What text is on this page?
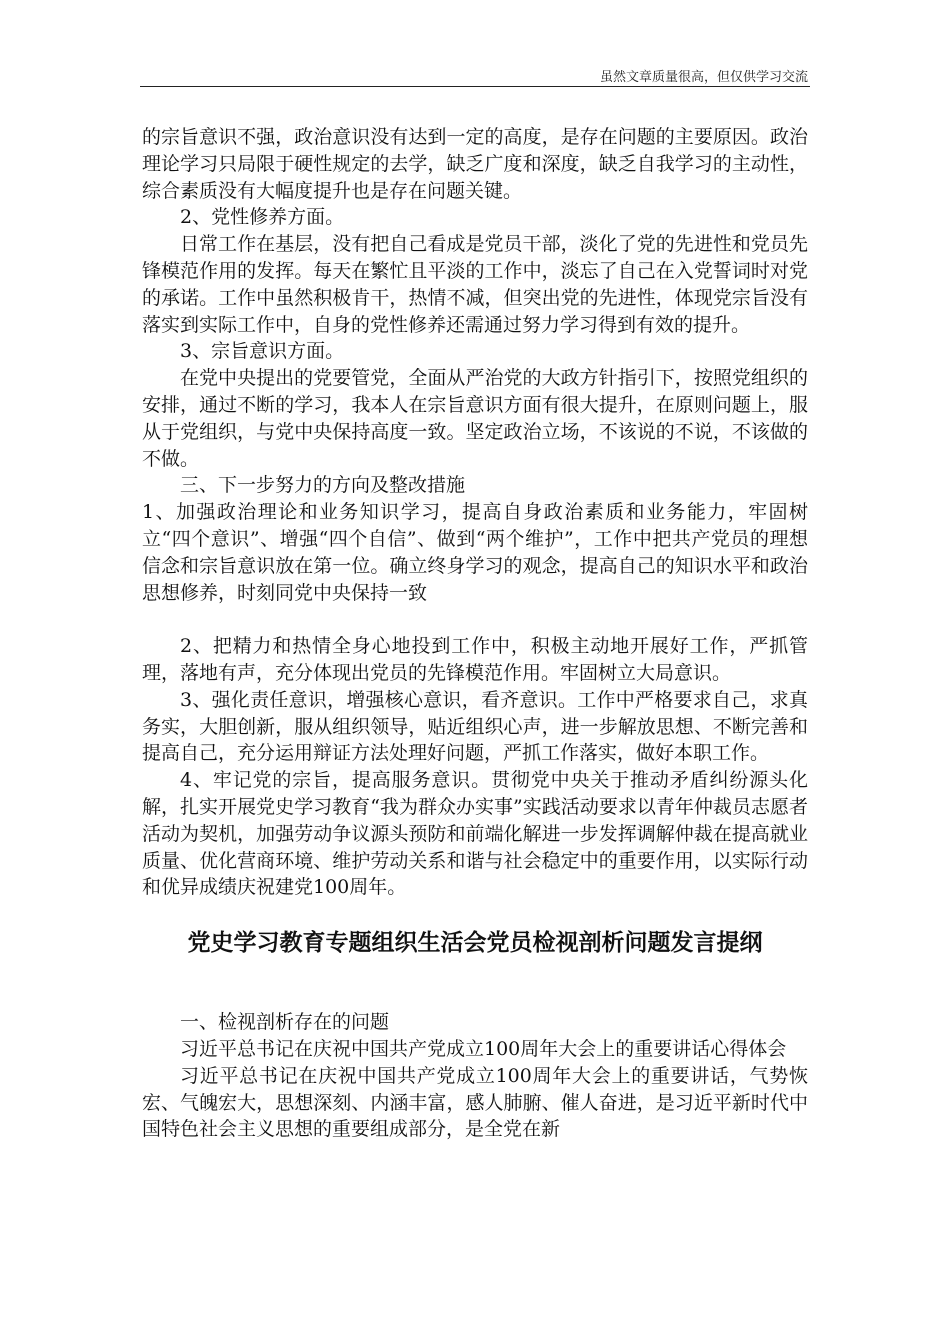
虽然文章质量很高，但仅供学习交流

的宗旨意识不强，政治意识没有达到一定的高度，是存在问题的主要原因。政治理论学习只局限于硬性规定的去学，缺乏广度和深度，缺乏自我学习的主动性，综合素质没有大幅度提升也是存在问题关键。

2、党性修养方面。

日常工作在基层，没有把自己看成是党员干部，淡化了党的先进性和党员先锋模范作用的发挥。每天在繁忙且平淡的工作中，淡忘了自己在入党誓词时对党的承诺。工作中虽然积极肯干，热情不减，但突出党的先进性，体现党宗旨没有落实到实际工作中，自身的党性修养还需通过努力学习得到有效的提升。

3、宗旨意识方面。

在党中央提出的党要管党，全面从严治党的大政方针指引下，按照党组织的安排，通过不断的学习，我本人在宗旨意识方面有很大提升，在原则问题上，服从于党组织，与党中央保持高度一致。坚定政治立场，不该说的不说，不该做的不做。

三、下一步努力的方向及整改措施

1、加强政治理论和业务知识学习，提高自身政治素质和业务能力，牢固树立“四个意识”、增强“四个自信”、做到“两个维护”，工作中把共产党员的理想信念和宗旨意识放在第一位。确立终身学习的观念，提高自己的知识水平和政治思想修养，时刻同党中央保持一致

2、把精力和热情全身心地投到工作中，积极主动地开展好工作，严抓管理，落地有声，充分体现出党员的先锋模范作用。牢固树立大局意识。

3、强化责任意识，增强核心意识，看齐意识。工作中严格要求自己，求真务实，大胆创新，服从组织领导，贴近组织心声，进一步解放思想、不断完善和提高自己，充分运用辩证方法处理好问题，严抓工作落实，做好本职工作。

4、牢记党的宗旨，提高服务意识。贯彻党中央关于推动矛盾纠纷源头化解，扎实开展党史学习教育“我为群众办实事”实践活动要求以青年仲裁员志愿者活动为契机，加强劳动争议源头预防和前端化解进一步发挥调解仲裁在提高就业质量、优化营商环境、维护劳动关系和谐与社会稳定中的重要作用，以实际行动和优异成绩庆祝建党100周年。

党史学习教育专题组织生活会党员检视剖析问题发言提纲

一、检视剖析存在的问题

习近平总书记在庆祝中国共产党成立100周年大会上的重要讲话心得体会

习近平总书记在庆祝中国共产党成立100周年大会上的重要讲话，气势恢宏、气魄宏大，思想深刻、内涵丰富，感人肺腑、催人奋进，是习近平新时代中国特色社会主义思想的重要组成部分，是全党在新
